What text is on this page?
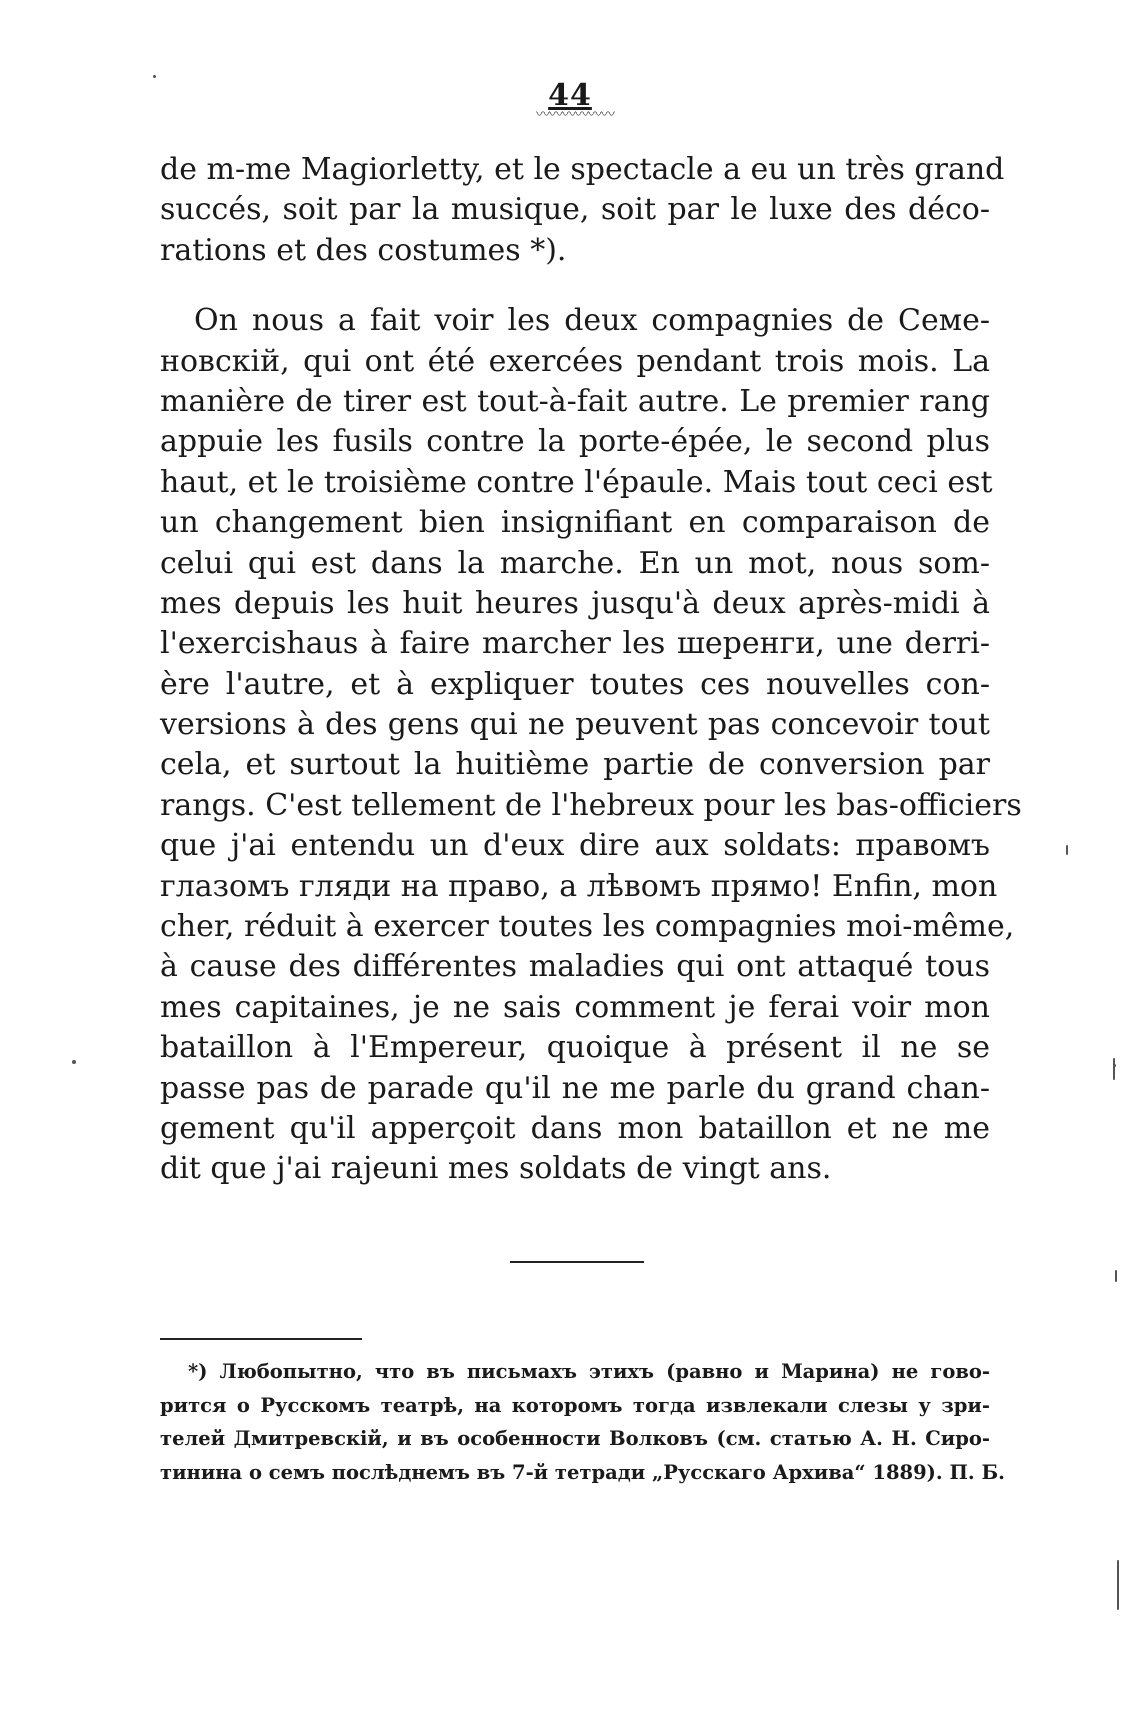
44
〰〰〰〰〰〰
de m-me Magiorletty, et le spectacle a eu un très grand
succés, soit par la musique, soit par le luxe des déco-
rations et des costumes *).
On nous a fait voir les deux compagnies de Семе-
новскій, qui ont été exercées pendant trois mois. La
manière de tirer est tout-à-fait autre. Le premier rang
appuie les fusils contre la porte-épée, le second plus
haut, et le troisième contre l'épaule. Mais tout ceci est
un changement bien insignifiant en comparaison de
celui qui est dans la marche. En un mot, nous som-
mes depuis les huit heures jusqu'à deux après-midi à
l'exercishaus à faire marcher les шеренги, une derri-
ère l'autre, et à expliquer toutes ces nouvelles con-
versions à des gens qui ne peuvent pas concevoir tout
cela, et surtout la huitième partie de conversion par
rangs. C'est tellement de l'hebreux pour les bas-officiers
que j'ai entendu un d'eux dire aux soldats: правомъ
глазомъ гляди на право, а лѣвомъ прямо! Enfin, mon
cher, réduit à exercer toutes les compagnies moi-même,
à cause des différentes maladies qui ont attaqué tous
mes capitaines, je ne sais comment je ferai voir mon
bataillon à l'Empereur, quoique à présent il ne se
passe pas de parade qu'il ne me parle du grand chan-
gement qu'il apperçoit dans mon bataillon et ne me
dit que j'ai rajeuni mes soldats de vingt ans.
*) Любопытно, что въ письмахъ этихъ (равно и Марина) не гово-
рится о Русскомъ театрѣ, на которомъ тогда извлекали слезы у зри-
телей Дмитревскій, и въ особенности Волковъ (см. статью А. Н. Сиро-
тинина о семъ послѣднемъ въ 7-й тетради „Русскаго Архива“ 1889). П. Б.
